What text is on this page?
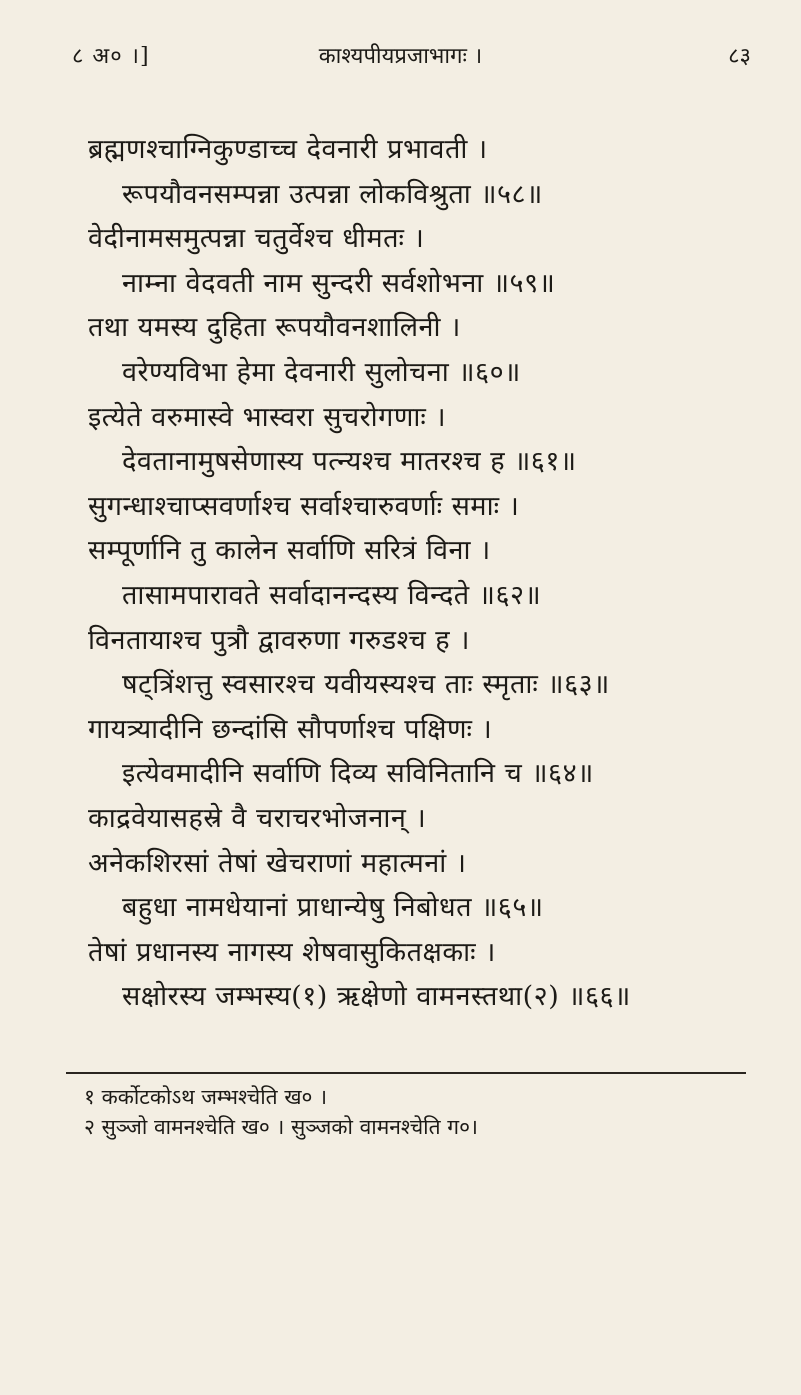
८ अ० ।]	काश्यपीयप्रजाभागः ।	८३
ब्रह्मणश्चाग्निकुण्डाच्च देवनारी प्रभावती ।
रूपयौवनसम्पन्ना उत्पन्ना लोकविश्रुता ॥५८॥
वेदीनामसमुत्पन्ना चतुर्वेश्च धीमतः ।
नाम्ना वेदवती नाम सुन्दरी सर्वशोभना ॥५९॥
तथा यमस्य दुहिता रूपयौवनशालिनी ।
वरेण्यविभा हेमा देवनारी सुलोचना ॥६०॥
इत्येते वरुमास्वे भास्वरा सुचरोगणाः ।
देवतानामुषसेणास्य पत्न्यश्च मातरश्च ह ॥६१॥
सुगन्धाश्चाप्सवर्णाश्च सर्वाश्चारुवर्णाः समाः ।
सम्पूर्णानि तु कालेन सर्वाणि सरित्रं विना ।
तासामपारावते सर्वादानन्दस्य विन्दते ॥६२॥
विनतायाश्च पुत्रौ द्वावरुणा गरुडश्च ह ।
षट्त्रिंशत्तु स्वसारश्च यवीयस्यश्च ताः स्मृताः ॥६३॥
गायत्र्यादीनि छन्दांसि सौपर्णाश्च पक्षिणः ।
इत्येवमादीनि सर्वाणि दिव्य सविनितानि च ॥६४॥
काद्रवेयासहस्रे वै चराचरभोजनान् ।
अनेकशिरसां तेषां खेचराणां महात्मनां ।
बहुधा नामधेयानां प्राधान्येषु निबोधत ॥६५॥
तेषां प्रधानस्य नागस्य शेषवासुकितक्षकाः ।
सक्षोरस्य जम्भस्य(१) ऋक्षेणो वामनस्तथा(२) ॥६६॥
१ कर्कोटकोऽथ जम्भश्चेति ख० ।
२ सुञ्जो वामनश्चेति ख० । सुञ्जको वामनश्चेति ग०।
